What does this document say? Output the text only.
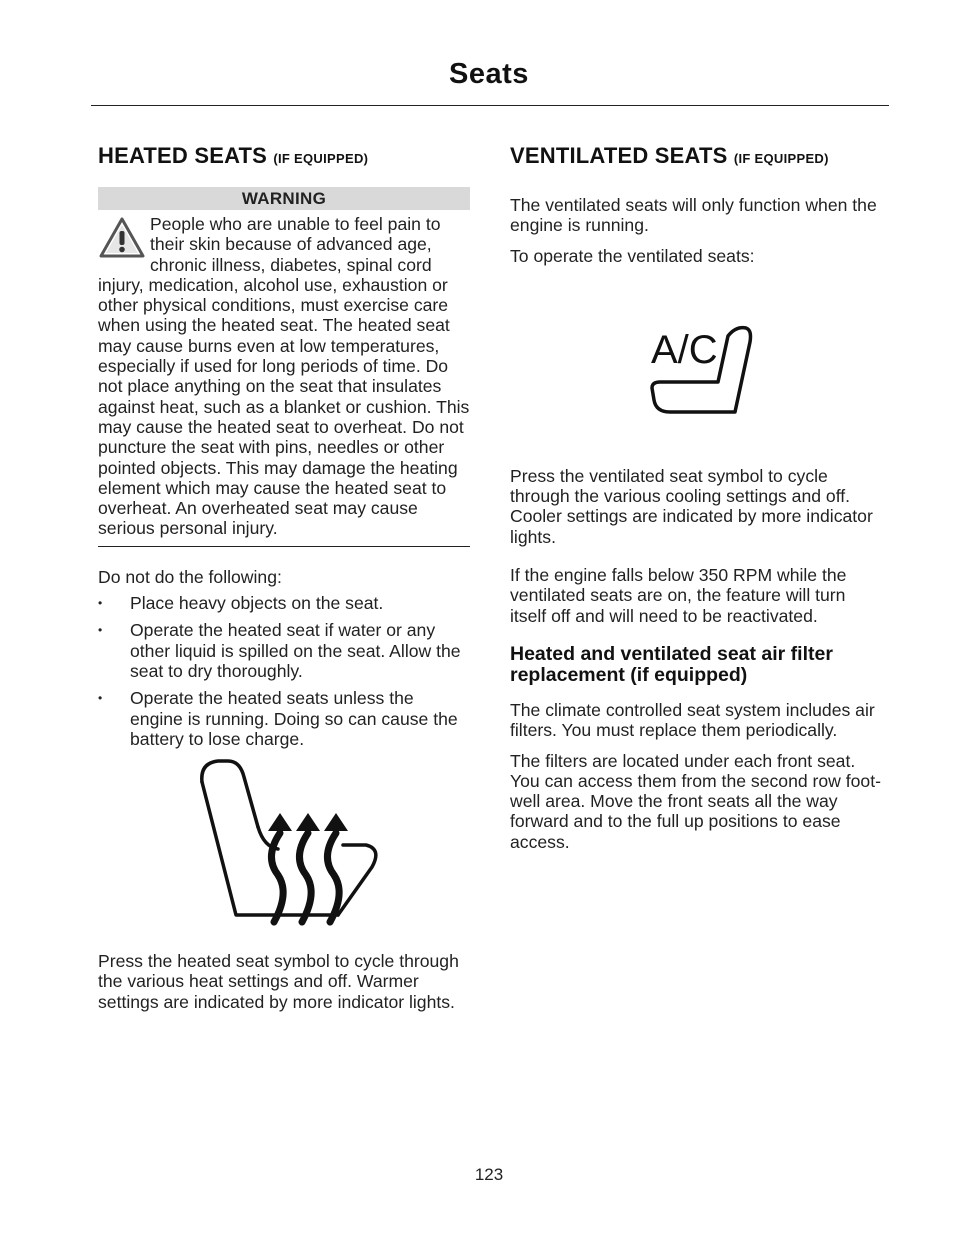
Seats
HEATED SEATS (IF EQUIPPED)
WARNING
People who are unable to feel pain to their skin because of advanced age, chronic illness, diabetes, spinal cord injury, medication, alcohol use, exhaustion or other physical conditions, must exercise care when using the heated seat. The heated seat may cause burns even at low temperatures, especially if used for long periods of time. Do not place anything on the seat that insulates against heat, such as a blanket or cushion. This may cause the heated seat to overheat. Do not puncture the seat with pins, needles or other pointed objects. This may damage the heating element which may cause the heated seat to overheat. An overheated seat may cause serious personal injury.

Do not do the following:

• Place heavy objects on the seat.
• Operate the heated seat if water or any other liquid is spilled on the seat. Allow the seat to dry thoroughly.
• Operate the heated seats unless the engine is running. Doing so can cause the battery to lose charge.

Press the heated seat symbol to cycle through the various heat settings and off. Warmer settings are indicated by more indicator lights.

VENTILATED SEATS (IF EQUIPPED)

The ventilated seats will only function when the engine is running.

To operate the ventilated seats:

A/C

Press the ventilated seat symbol to cycle through the various cooling settings and off. Cooler settings are indicated by more indicator lights.

If the engine falls below 350 RPM while the ventilated seats are on, the feature will turn itself off and will need to be reactivated.

Heated and ventilated seat air filter replacement (if equipped)

The climate controlled seat system includes air filters. You must replace them periodically.

The filters are located under each front seat. You can access them from the second row foot-well area. Move the front seats all the way forward and to the full up positions to ease access.

123
